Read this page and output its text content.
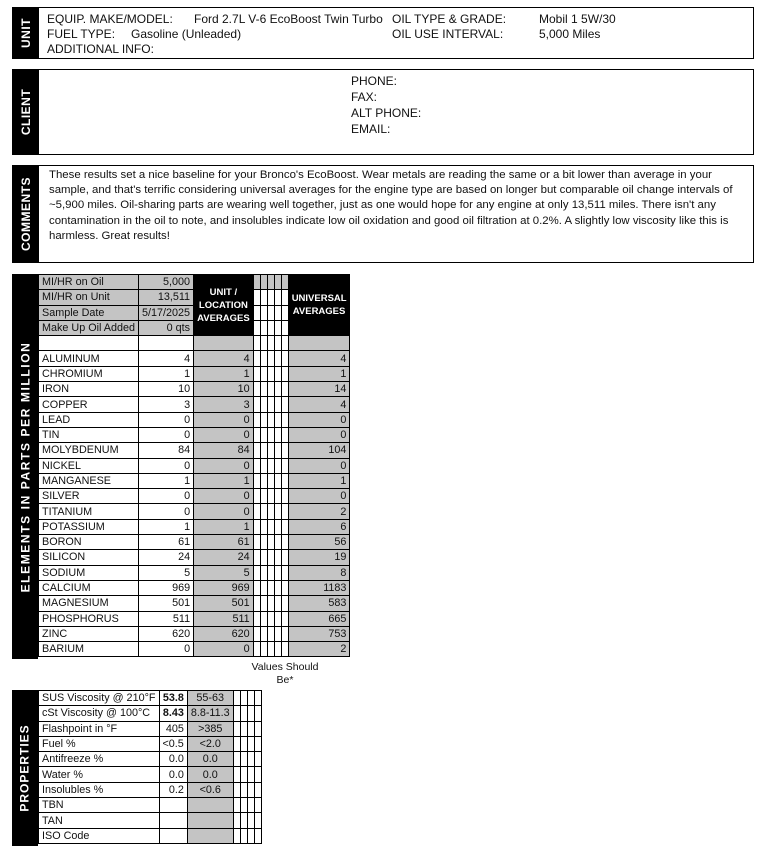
UNIT EQUIP. MAKE/MODEL: Ford 2.7L V-6 EcoBoost Twin Turbo OIL TYPE & GRADE:	Mobil 1 5W/30
FUEL TYPE: Gasoline (Unleaded)	OIL USE INTERVAL:	5,000 Miles
ADDITIONAL INFO:
CLIENT
PHONE:
FAX:
ALT PHONE:
EMAIL:
COMMENTS
These results set a nice baseline for your Bronco's EcoBoost. Wear metals are reading the same or a bit lower than average in your sample, and that's terrific considering universal averages for the engine type are based on longer but comparable oil change intervals of ~5,900 miles. Oil-sharing parts are wearing well together, just as one would hope for any engine at only 13,511 miles. There isn't any contamination in the oil to note, and insolubles indicate low oil oxidation and good oil filtration at 0.2%. A slightly low viscosity like this is harmless. Great results!
ELEMENTS IN PARTS PER MILLION
MI/HR on Oil	5,000	UNIT / LOCATION AVERAGES						UNIVERSAL AVERAGES
MI/HR on Unit	13,511							
Sample Date	5/17/2025							
Make Up Oil Added	0 qts							

ALUMINUM	4	4						4
CHROMIUM	1	1						1
IRON	10	10						14
COPPER	3	3						4
LEAD	0	0						0
TIN	0	0						0
MOLYBDENUM	84	84						104
NICKEL	0	0						0
MANGANESE	1	1						1
SILVER	0	0						0
TITANIUM	0	0						2
POTASSIUM	1	1						6
BORON	61	61						56
SILICON	24	24						19
SODIUM	5	5						8
CALCIUM	969	969						1183
MAGNESIUM	501	501						583
PHOSPHORUS	511	511						665
ZINC	620	620						753
BARIUM	0	0						2
Values Should Be*
PROPERTIES
SUS Viscosity @ 210°F	53.8	55-63				
cSt Viscosity @ 100°C	8.43	8.8-11.3				
Flashpoint in °F	405	>385				
Fuel %	<0.5	<2.0				
Antifreeze %	0.0	0.0				
Water %	0.0	0.0				
Insolubles %	0.2	<0.6				
TBN						
TAN						
ISO Code						
